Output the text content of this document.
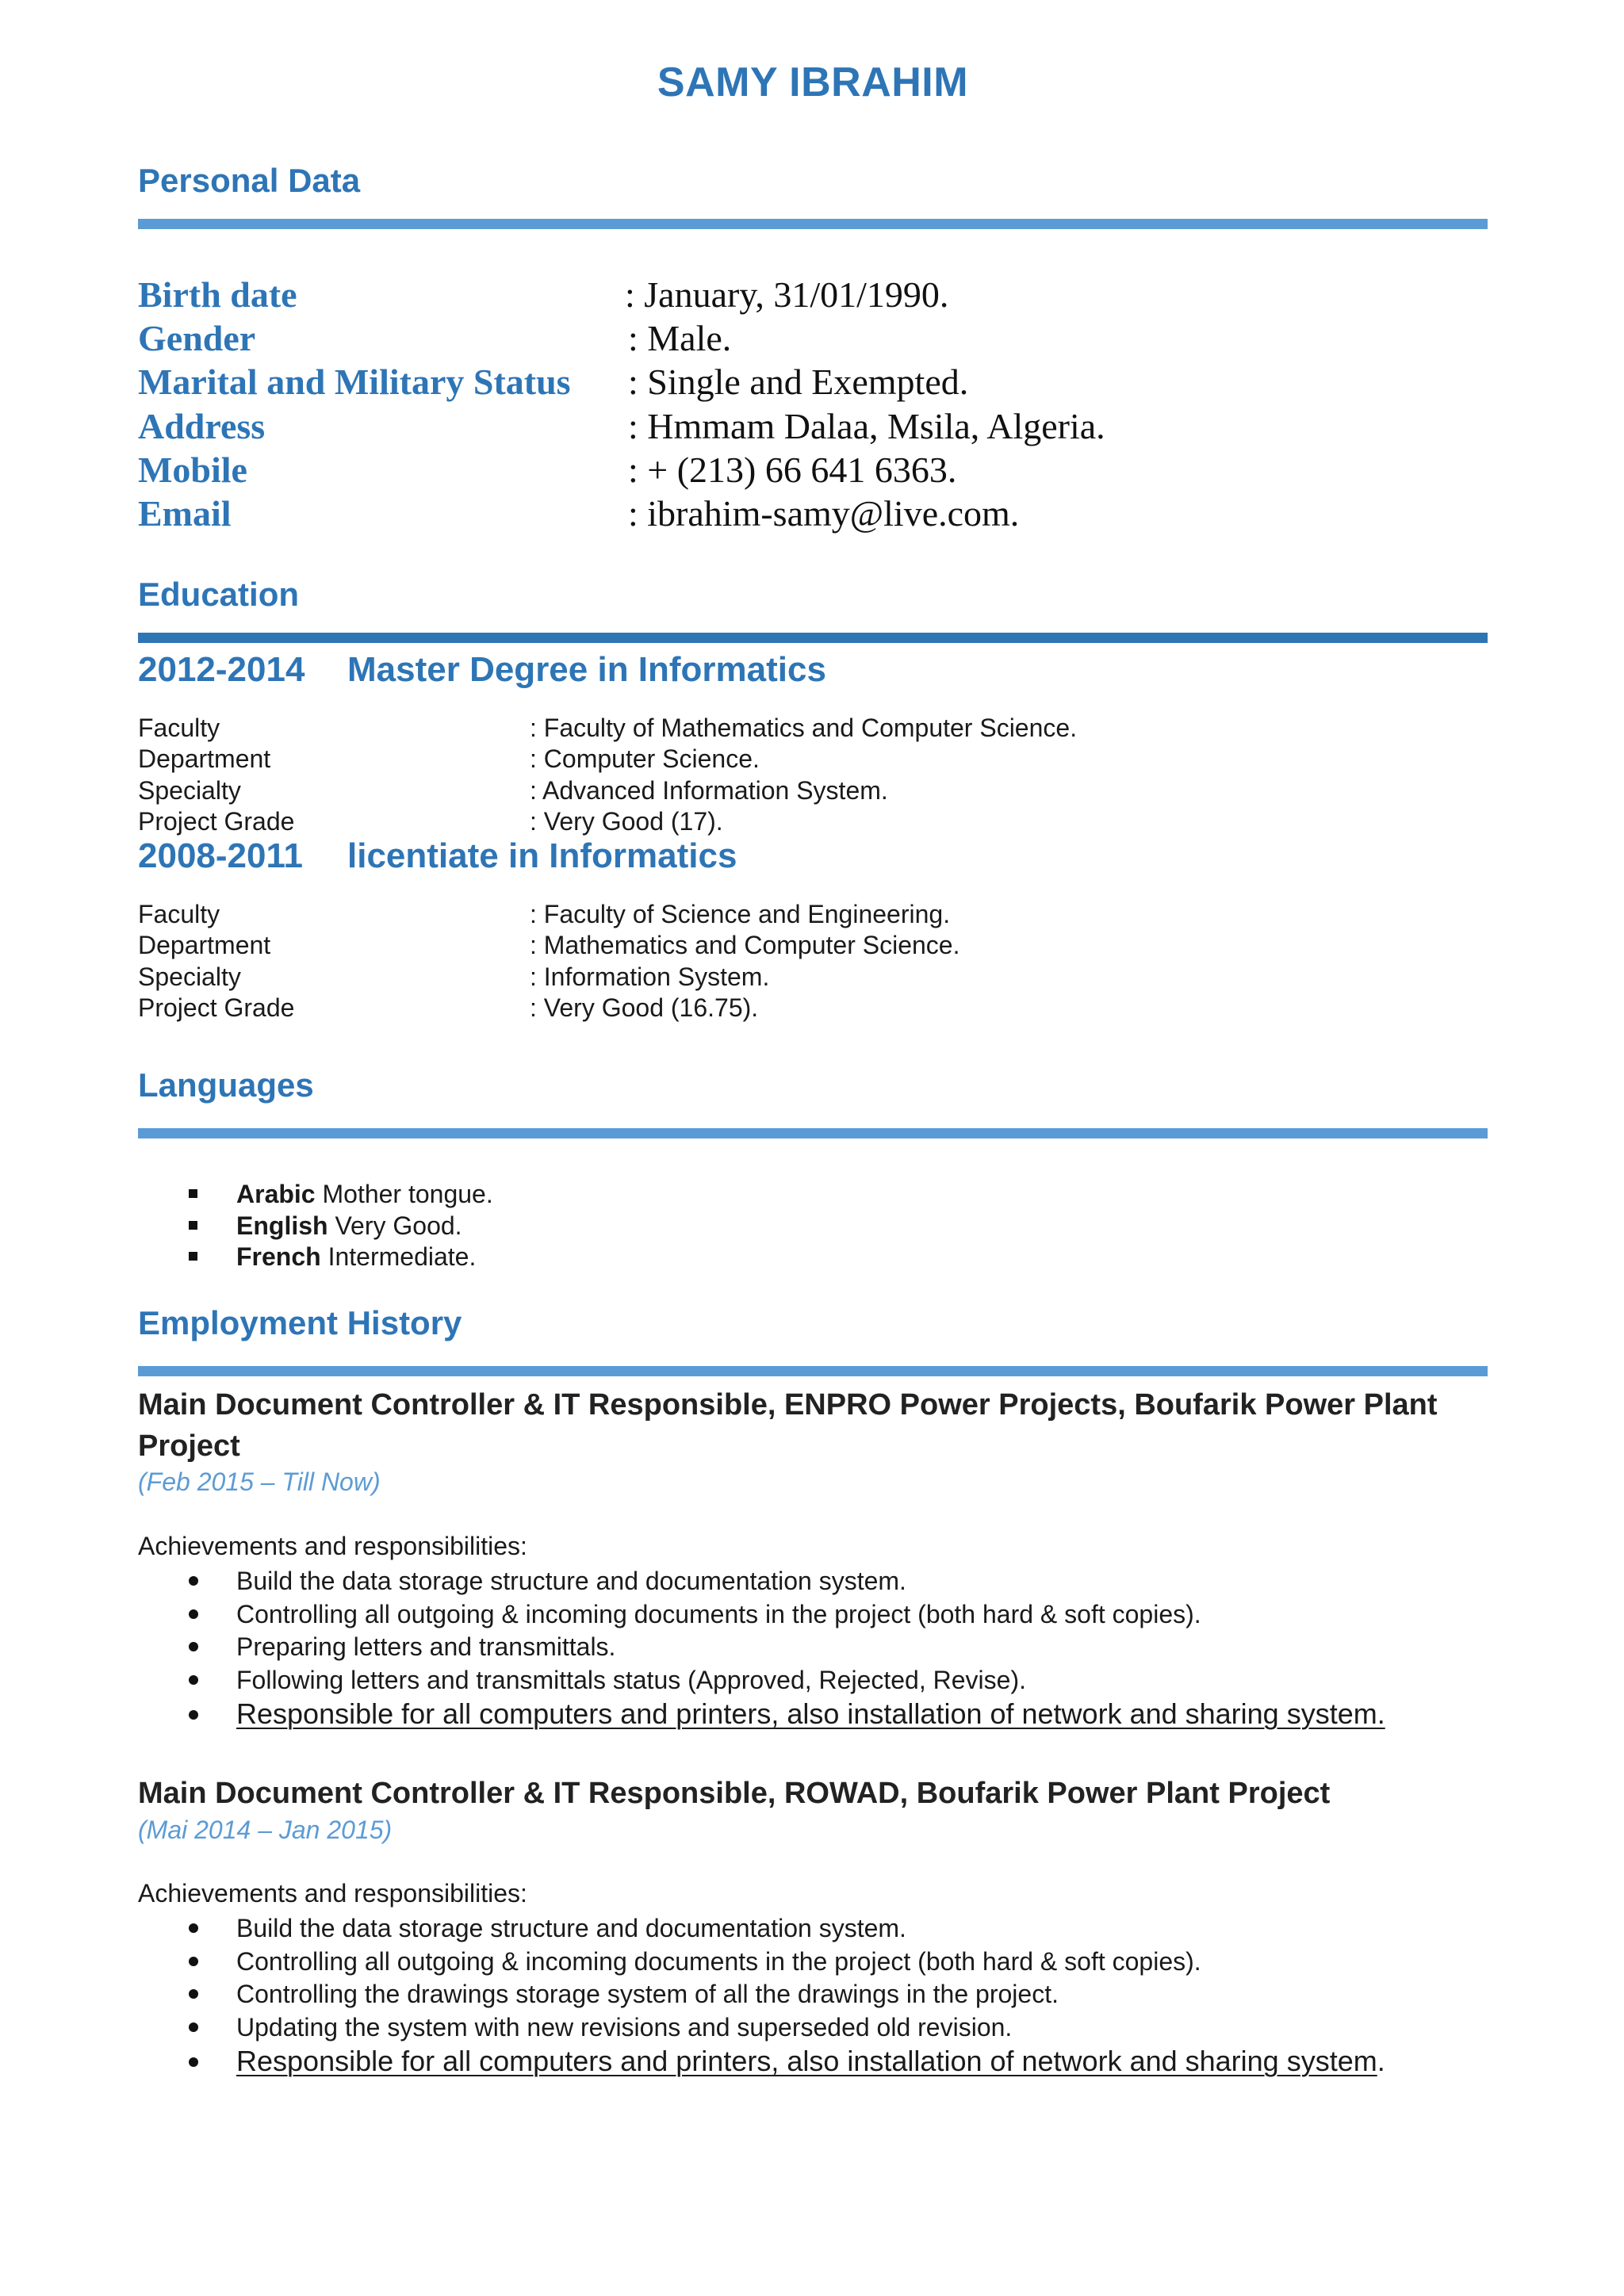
SAMY IBRAHIM
Personal Data
Birth date	: January, 31/01/1990.
Gender	: Male.
Marital and Military Status : Single and Exempted.
Address	: Hmmam Dalaa, Msila, Algeria.
Mobile	: + (213) 66 641 6363.
Email	: ibrahim-samy@live.com.
Education
2012-2014 Master Degree in Informatics
Faculty	: Faculty of Mathematics and Computer Science.
Department	: Computer Science.
Specialty	: Advanced Information System.
Project Grade	: Very Good (17).
2008-2011 licentiate in Informatics
Faculty	: Faculty of Science and Engineering.
Department	: Mathematics and Computer Science.
Specialty	: Information System.
Project Grade	: Very Good (16.75).
Languages
Arabic Mother tongue.
English Very Good.
French Intermediate.
Employment History
Main Document Controller & IT Responsible, ENPRO Power Projects, Boufarik Power Plant Project
(Feb 2015 – Till Now)
Achievements and responsibilities:
Build the data storage structure and documentation system.
Controlling all outgoing & incoming documents in the project (both hard & soft copies).
Preparing letters and transmittals.
Following letters and transmittals status (Approved, Rejected, Revise).
Responsible for all computers and printers, also installation of network and sharing system.
Main Document Controller & IT Responsible, ROWAD, Boufarik Power Plant Project
(Mai 2014 – Jan 2015)
Achievements and responsibilities:
Build the data storage structure and documentation system.
Controlling all outgoing & incoming documents in the project (both hard & soft copies).
Controlling the drawings storage system of all the drawings in the project.
Updating the system with new revisions and superseded old revision.
Responsible for all computers and printers, also installation of network and sharing system.
